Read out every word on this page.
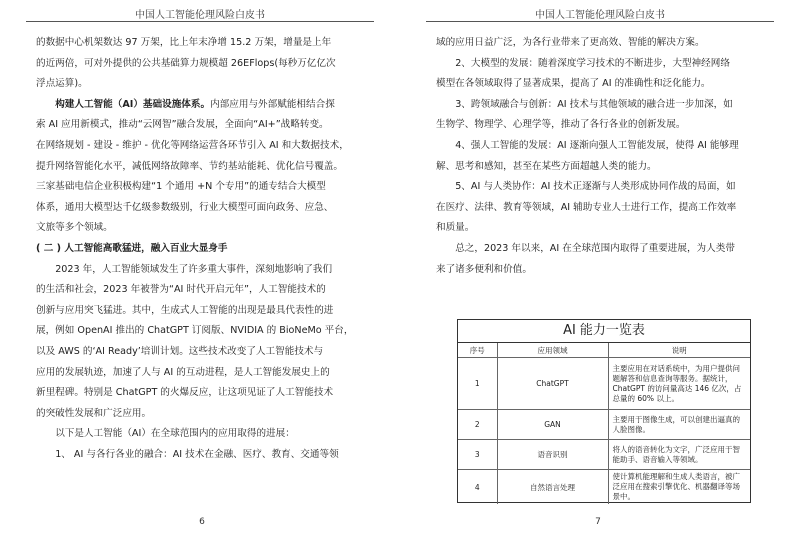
中国人工智能伦理风险白皮书

的数据中心机架数达 97 万架，比上年末净增 15.2 万架，增量是上年

的近两倍，可对外提供的公共基础算力规模超 26EFlops(每秒万亿亿次

浮点运算)。

构建人工智能（AI）基础设施体系。内部应用与外部赋能相结合探

索 AI 应用新模式，推动“云网智”融合发展，全面向“AI+”战略转变。

在网络规划 - 建设 - 维护 - 优化等网络运营各环节引入 AI 和大数据技术，

提升网络智能化水平，减低网络故障率、节约基站能耗、优化信号覆盖。

三家基础电信企业积极构建“1 个通用 +N 个专用”的通专结合大模型

体系，通用大模型达千亿级参数级别，行业大模型可面向政务、应急、

文旅等多个领域。

( 二 ) 人工智能高歌猛进，融入百业大显身手

2023 年，人工智能领域发生了许多重大事件，深刻地影响了我们

的生活和社会，2023 年被誉为“AI 时代开启元年”，人工智能技术的

创新与应用突飞猛进。其中，生成式人工智能的出现是最具代表性的进

展，例如 OpenAI 推出的 ChatGPT 订阅版、NVIDIA 的 BioNeMo 平台，

以及 AWS 的‘AI Ready’培训计划。这些技术改变了人工智能技术与

应用的发展轨迹，加速了人与 AI 的互动进程，是人工智能发展史上的

新里程碑。特别是 ChatGPT 的火爆反应，让这项见证了人工智能技术

的突破性发展和广泛应用。

以下是人工智能（AI）在全球范围内的应用取得的进展：

1、 AI 与各行各业的融合：AI 技术在金融、医疗、教育、交通等领

6
中国人工智能伦理风险白皮书

域的应用日益广泛，为各行业带来了更高效、智能的解决方案。

2、大模型的发展：随着深度学习技术的不断进步，大型神经网络

模型在各领域取得了显著成果，提高了 AI 的准确性和泛化能力。

3、跨领域融合与创新：AI 技术与其他领域的融合进一步加深，如

生物学、物理学、心理学等，推动了各行各业的创新发展。

4、强人工智能的发展：AI 逐渐向强人工智能发展，使得 AI 能够理

解、思考和感知，甚至在某些方面超越人类的能力。

5、AI 与人类协作：AI 技术正逐渐与人类形成协同作战的局面，如

在医疗、法律、教育等领域，AI 辅助专业人士进行工作，提高工作效率

和质量。

总之，2023 年以来，AI 在全球范围内取得了重要进展，为人类带

来了诸多便利和价值。

AI 能力一览表
序号	应用领域	说明
1	ChatGPT	主要应用在对话系统中，为用户提供问题解答和信息查询等服务。据统计，ChatGPT 的访问量高达 146 亿次，占总量的 60% 以上。
2	GAN	主要用于图像生成，可以创建出逼真的人脸图像。
3	语音识别	将人的语音转化为文字，广泛应用于智能助手、语音输入等领域。
4	自然语言处理	使计算机能理解和生成人类语言，被广泛应用在搜索引擎优化、机器翻译等场景中。
7
